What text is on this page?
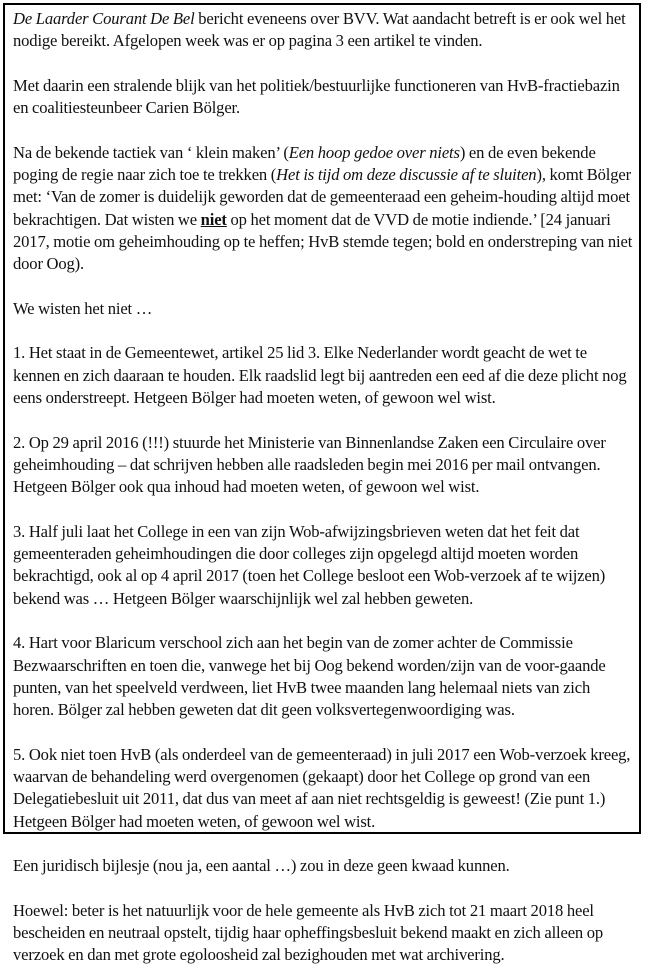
De Laarder Courant De Bel bericht eveneens over BVV. Wat aandacht betreft is er ook wel het nodige bereikt. Afgelopen week was er op pagina 3 een artikel te vinden.

Met daarin een stralende blijk van het politiek/bestuurlijke functioneren van HvB-fractiebazin en coalitiesteunbeer Carien Bölger.

Na de bekende tactiek van ‘ klein maken’ (Een hoop gedoe over niets) en de even bekende poging de regie naar zich toe te trekken (Het is tijd om deze discussie af te sluiten), komt Bölger met: ‘Van de zomer is duidelijk geworden dat de gemeenteraad een geheim-houding altijd moet bekrachtigen. Dat wisten we niet op het moment dat de VVD de motie indiende.’ [24 januari 2017, motie om geheimhouding op te heffen; HvB stemde tegen; bold en onderstreping van niet door Oog).

We wisten het niet …

1. Het staat in de Gemeentewet, artikel 25 lid 3. Elke Nederlander wordt geacht de wet te kennen en zich daaraan te houden. Elk raadslid legt bij aantreden een eed af die deze plicht nog eens onderstreept. Hetgeen Bölger had moeten weten, of gewoon wel wist.

2. Op 29 april 2016 (!!!) stuurde het Ministerie van Binnenlandse Zaken een Circulaire over geheimhouding – dat schrijven hebben alle raadsleden begin mei 2016 per mail ontvangen. Hetgeen Bölger ook qua inhoud had moeten weten, of gewoon wel wist.

3. Half juli laat het College in een van zijn Wob-afwijzingsbrieven weten dat het feit dat gemeenteraden geheimhoudingen die door colleges zijn opgelegd altijd moeten worden bekrachtigd, ook al op 4 april 2017 (toen het College besloot een Wob-verzoek af te wijzen) bekend was … Hetgeen Bölger waarschijnlijk wel zal hebben geweten.

4. Hart voor Blaricum verschool zich aan het begin van de zomer achter de Commissie Bezwaarschriften en toen die, vanwege het bij Oog bekend worden/zijn van de voor-gaande punten, van het speelveld verdween, liet HvB twee maanden lang helemaal niets van zich horen. Bölger zal hebben geweten dat dit geen volksvertegenwoordiging was.

5. Ook niet toen HvB (als onderdeel van de gemeenteraad) in juli 2017 een Wob-verzoek kreeg, waarvan de behandeling werd overgenomen (gekaapt) door het College op grond van een Delegatiebesluit uit 2011, dat dus van meet af aan niet rechtsgeldig is geweest! (Zie punt 1.) Hetgeen Bölger had moeten weten, of gewoon wel wist.

Een juridisch bijlesje (nou ja, een aantal …) zou in deze geen kwaad kunnen.

Hoewel: beter is het natuurlijk voor de hele gemeente als HvB zich tot 21 maart 2018 heel bescheiden en neutraal opstelt, tijdig haar opheffingsbesluit bekend maakt en zich alleen op verzoek en dan met grote egoloosheid zal bezighouden met wat archivering.
